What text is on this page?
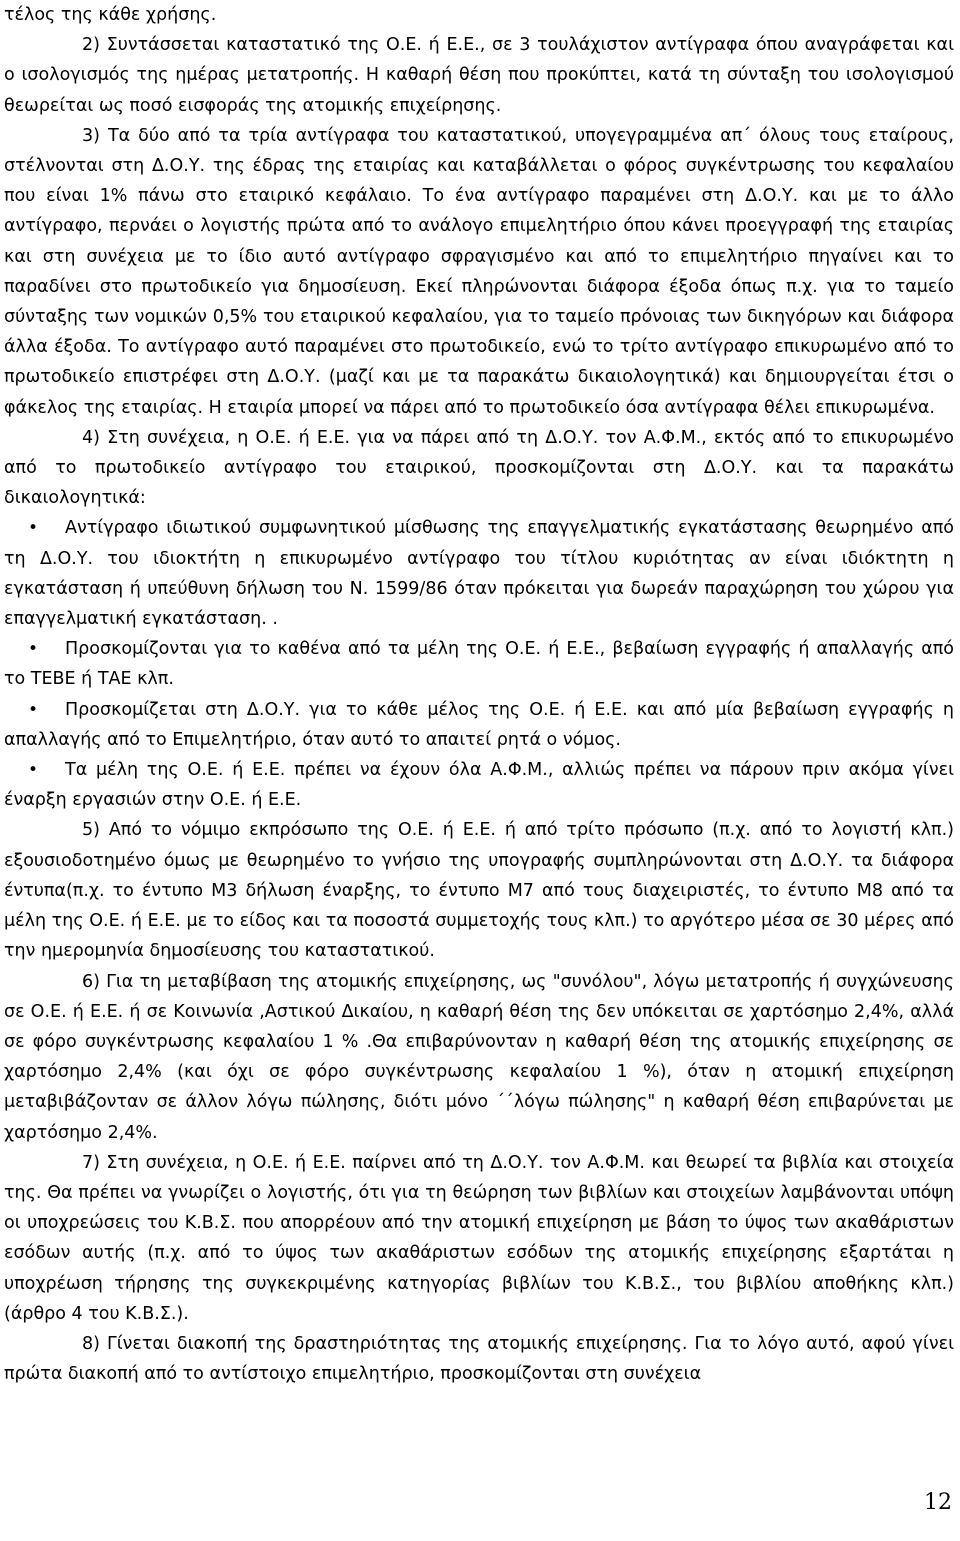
τέλος της κάθε χρήσης.

2) Συντάσσεται καταστατικό της Ο.Ε. ή Ε.Ε., σε 3 τουλάχιστον αντίγραφα όπου αναγράφεται και ο ισολογισμός της ημέρας μετατροπής. Η καθαρή θέση που προκύπτει, κατά τη σύνταξη του ισολογισμού θεωρείται ως ποσό εισφοράς της ατομικής επιχείρησης.

3) Τα δύο από τα τρία αντίγραφα του καταστατικού, υπογεγραμμένα απ΄ όλους τους εταίρους, στέλνονται στη Δ.Ο.Υ. της έδρας της εταιρίας και καταβάλλεται ο φόρος συγκέντρωσης του κεφαλαίου που είναι 1% πάνω στο εταιρικό κεφάλαιο. Το ένα αντίγραφο παραμένει στη Δ.Ο.Υ. και με το άλλο αντίγραφο, περνάει ο λογιστής πρώτα από το ανάλογο επιμελητήριο όπου κάνει προεγγραφή της εταιρίας και στη συνέχεια με το ίδιο αυτό αντίγραφο σφραγισμένο και από το επιμελητήριο πηγαίνει και το παραδίνει στο πρωτοδικείο για δημοσίευση. Εκεί πληρώνονται διάφορα έξοδα όπως π.χ. για το ταμείο σύνταξης των νομικών 0,5% του εταιρικού κεφαλαίου, για το ταμείο πρόνοιας των δικηγόρων και διάφορα άλλα έξοδα. Το αντίγραφο αυτό παραμένει στο πρωτοδικείο, ενώ το τρίτο αντίγραφο επικυρωμένο από το πρωτοδικείο επιστρέφει στη Δ.Ο.Υ. (μαζί και με τα παρακάτω δικαιολογητικά) και δημιουργείται έτσι ο φάκελος της εταιρίας. Η εταιρία μπορεί να πάρει από το πρωτοδικείο όσα αντίγραφα θέλει επικυρωμένα.

4) Στη συνέχεια, η Ο.Ε. ή Ε.Ε. για να πάρει από τη Δ.Ο.Υ. τον Α.Φ.Μ., εκτός από το επικυρωμένο από το πρωτοδικείο αντίγραφο του εταιρικού, προσκομίζονται στη Δ.Ο.Υ. και τα παρακάτω δικαιολογητικά:

• Αντίγραφο ιδιωτικού συμφωνητικού μίσθωσης της επαγγελματικής εγκατάστασης θεωρημένο από τη Δ.Ο.Υ. του ιδιοκτήτη η επικυρωμένο αντίγραφο του τίτλου κυριότητας αν είναι ιδιόκτητη η εγκατάσταση ή υπεύθυνη δήλωση του Ν. 1599/86 όταν πρόκειται για δωρεάν παραχώρηση του χώρου για επαγγελματική εγκατάσταση. .
• Προσκομίζονται για το καθένα από τα μέλη της Ο.Ε. ή Ε.Ε., βεβαίωση εγγραφής ή απαλλαγής από το ΤΕΒΕ ή ΤΑΕ κλπ.
• Προσκομίζεται στη Δ.Ο.Υ. για το κάθε μέλος της Ο.Ε. ή Ε.Ε. και από μία βεβαίωση εγγραφής η απαλλαγής από το Επιμελητήριο, όταν αυτό το απαιτεί ρητά ο νόμος.
• Τα μέλη της Ο.Ε. ή Ε.Ε. πρέπει να έχουν όλα Α.Φ.Μ., αλλιώς πρέπει να πάρουν πριν ακόμα γίνει έναρξη εργασιών στην Ο.Ε. ή Ε.Ε.

5) Από το νόμιμο εκπρόσωπο της Ο.Ε. ή Ε.Ε. ή από τρίτο πρόσωπο (π.χ. από το λογιστή κλπ.) εξουσιοδοτημένο όμως με θεωρημένο το γνήσιο της υπογραφής συμπληρώνονται στη Δ.Ο.Υ. τα διάφορα έντυπα(π.χ. το έντυπο Μ3 δήλωση έναρξης, το έντυπο Μ7 από τους διαχειριστές, το έντυπο Μ8 από τα μέλη της Ο.Ε. ή Ε.Ε. με το είδος και τα ποσοστά συμμετοχής τους κλπ.) το αργότερο μέσα σε 30 μέρες από την ημερομηνία δημοσίευσης του καταστατικού.

6) Για τη μεταβίβαση της ατομικής επιχείρησης, ως "συνόλου", λόγω μετατροπής ή συγχώνευσης σε Ο.Ε. ή Ε.Ε. ή σε Κοινωνία ,Αστικού Δικαίου, η καθαρή θέση της δεν υπόκειται σε χαρτόσημο 2,4%, αλλά σε φόρο συγκέντρωσης κεφαλαίου 1 % .Θα επιβαρύνονταν η καθαρή θέση της ατομικής επιχείρησης σε χαρτόσημο 2,4% (και όχι σε φόρο συγκέντρωσης κεφαλαίου 1 %), όταν η ατομική επιχείρηση μεταβιβάζονταν σε άλλον λόγω πώλησης, διότι μόνο ΄΄λόγω πώλησης" η καθαρή θέση επιβαρύνεται με χαρτόσημο 2,4%.

7) Στη συνέχεια, η Ο.Ε. ή Ε.Ε. παίρνει από τη Δ.Ο.Υ. τον Α.Φ.Μ. και θεωρεί τα βιβλία και στοιχεία της. Θα πρέπει να γνωρίζει ο λογιστής, ότι για τη θεώρηση των βιβλίων και στοιχείων λαμβάνονται υπόψη οι υποχρεώσεις του Κ.Β.Σ. που απορρέουν από την ατομική επιχείρηση με βάση το ύψος των ακαθάριστων εσόδων αυτής (π.χ. από το ύψος των ακαθάριστων εσόδων της ατομικής επιχείρησης εξαρτάται η υποχρέωση τήρησης της συγκεκριμένης κατηγορίας βιβλίων του Κ.Β.Σ., του βιβλίου αποθήκης κλπ.) (άρθρο 4 του Κ.Β.Σ.).

8) Γίνεται διακοπή της δραστηριότητας της ατομικής επιχείρησης. Για το λόγο αυτό, αφού γίνει πρώτα διακοπή από το αντίστοιχο επιμελητήριο, προσκομίζονται στη συνέχεια

12
